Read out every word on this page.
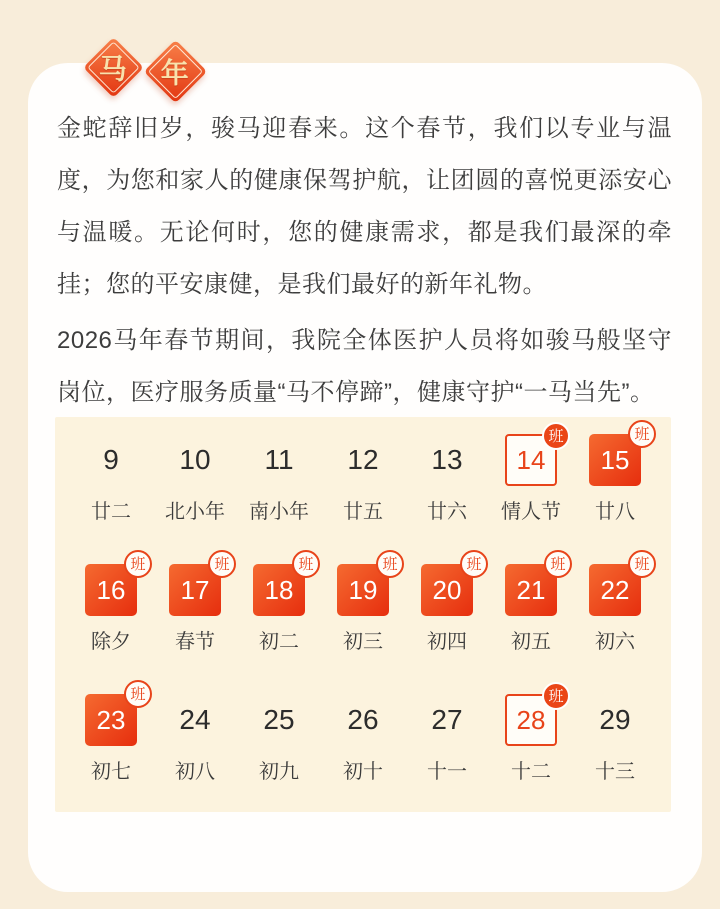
马 年

金蛇辞旧岁，骏马迎春来。这个春节，我们以专业与温度，为您和家人的健康保驾护航，让团圆的喜悦更添安心与温暖。无论何时，您的健康需求，都是我们最深的牵挂；您的平安康健，是我们最好的新年礼物。

2026马年春节期间，我院全体医护人员将如骏马般坚守岗位，医疗服务质量“马不停蹄”，健康守护“一马当先”。

9
廿二
10
北小年
11
南小年
12
廿五
13
廿六
14
班
情人节
15
班
廿八
16
班
除夕
17
班
春节
18
班
初二
19
班
初三
20
班
初四
21
班
初五
22
班
初六
23
班
初七
24
初八
25
初九
26
初十
27
十一
28
班
十二
29
十三
